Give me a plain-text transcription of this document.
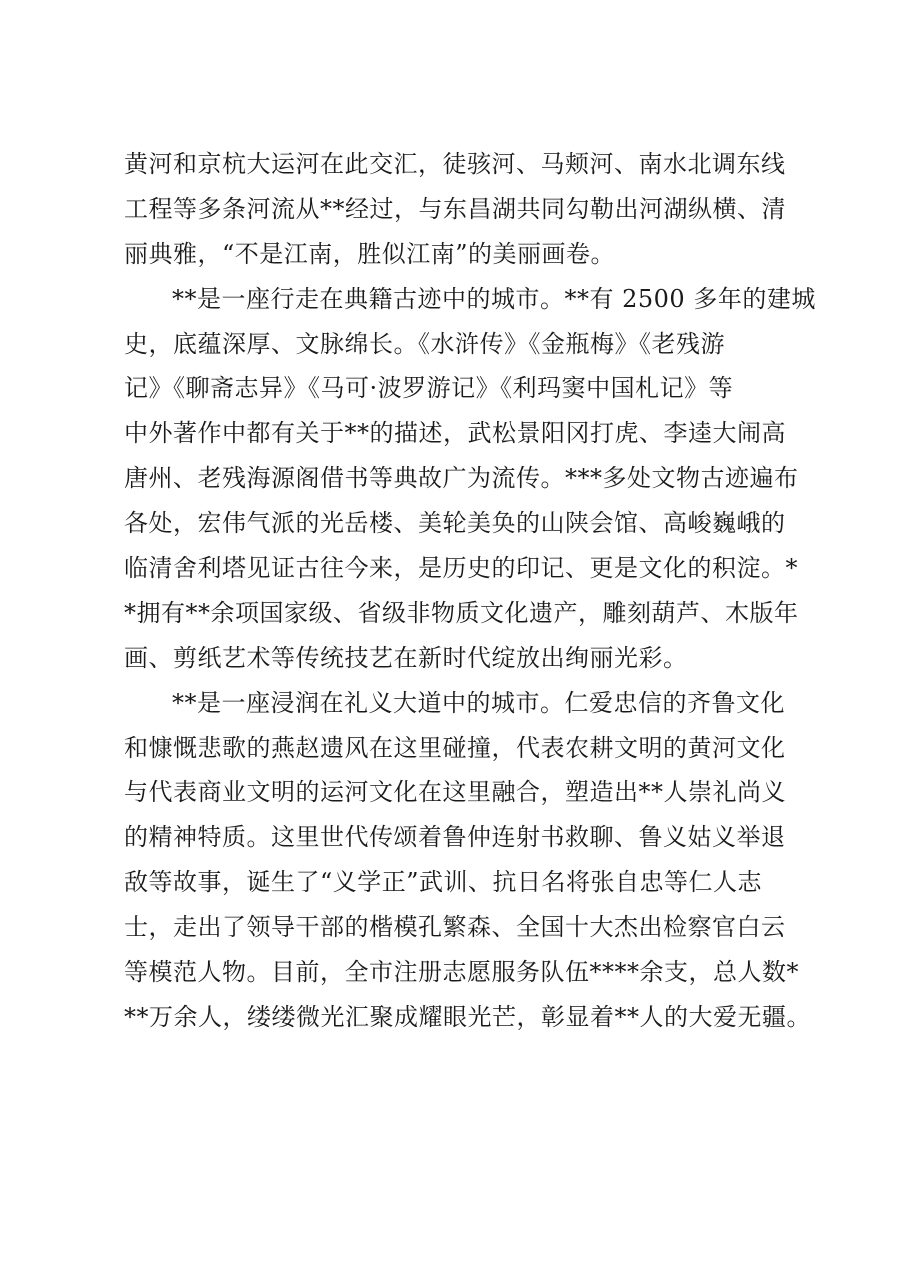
黄河和京杭大运河在此交汇，徒骇河、马颊河、南水北调东线
工程等多条河流从**经过，与东昌湖共同勾勒出河湖纵横、清
丽典雅，“不是江南，胜似江南”的美丽画卷。
**是一座行走在典籍古迹中的城市。**有 2500 多年的建城
史，底蕴深厚、文脉绵长。《水浒传》《金瓶梅》《老残游
记》《聊斋志异》《马可·波罗游记》《利玛窦中国札记》等
中外著作中都有关于**的描述，武松景阳冈打虎、李逵大闹高
唐州、老残海源阁借书等典故广为流传。***多处文物古迹遍布
各处，宏伟气派的光岳楼、美轮美奂的山陕会馆、高峻巍峨的
临清舍利塔见证古往今来，是历史的印记、更是文化的积淀。*
*拥有**余项国家级、省级非物质文化遗产，雕刻葫芦、木版年
画、剪纸艺术等传统技艺在新时代绽放出绚丽光彩。
**是一座浸润在礼义大道中的城市。仁爱忠信的齐鲁文化
和慷慨悲歌的燕赵遗风在这里碰撞，代表农耕文明的黄河文化
与代表商业文明的运河文化在这里融合，塑造出**人崇礼尚义
的精神特质。这里世代传颂着鲁仲连射书救聊、鲁义姑义举退
敌等故事，诞生了“义学正”武训、抗日名将张自忠等仁人志
士，走出了领导干部的楷模孔繁森、全国十大杰出检察官白云
等模范人物。目前，全市注册志愿服务队伍****余支，总人数*
**万余人，缕缕微光汇聚成耀眼光芒，彰显着**人的大爱无疆。
